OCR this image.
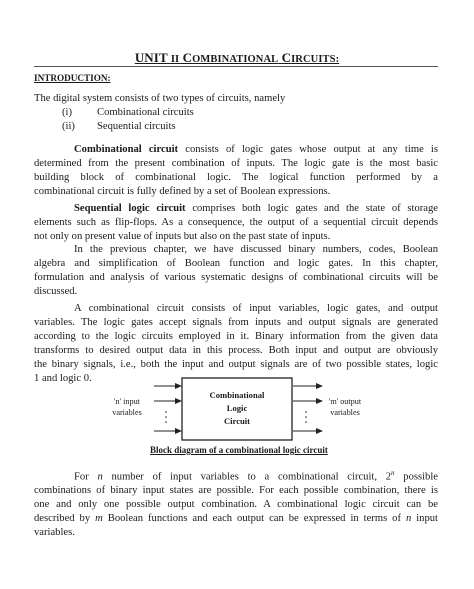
UNIT II COMBINATIONAL CIRCUITS:
INTRODUCTION:

The digital system consists of two types of circuits, namely

(i) Combinational circuits
(ii) Sequential circuits
Combinational circuit consists of logic gates whose output at any time is
determined from the present combination of inputs. The logic gate is the most basic
building block of combinational logic. The logical function performed by a
combinational circuit is fully defined by a set of Boolean expressions.
Sequential logic circuit comprises both logic gates and the state of storage
elements such as flip-flops. As a consequence, the output of a sequential circuit depends
not only on present value of inputs but also on the past state of inputs.
In the previous chapter, we have discussed binary numbers, codes, Boolean
algebra and simplification of Boolean function and logic gates. In this chapter,
formulation and analysis of various systematic designs of combinational circuits will be
discussed.
A combinational circuit consists of input variables, logic gates, and output
variables. The logic gates accept signals from inputs and output signals are generated
according to the logic circuits employed in it. Binary information from the given data
transforms to desired output data in this process. Both input and output are obviously
the binary signals, i.e., both the input and output signals are of two possible states, logic
1 and logic 0.
Combinational
Logic
Circuit
'n' input
variables
'm' output
variables
Block diagram of a combinational logic circuit
For n number of input variables to a combinational circuit, 2$^n$ possible
combinations of binary input states are possible. For each possible combination, there is
one and only one possible output combination. A combinational logic circuit can be
described by m Boolean functions and each output can be expressed in terms of n input
variables.
